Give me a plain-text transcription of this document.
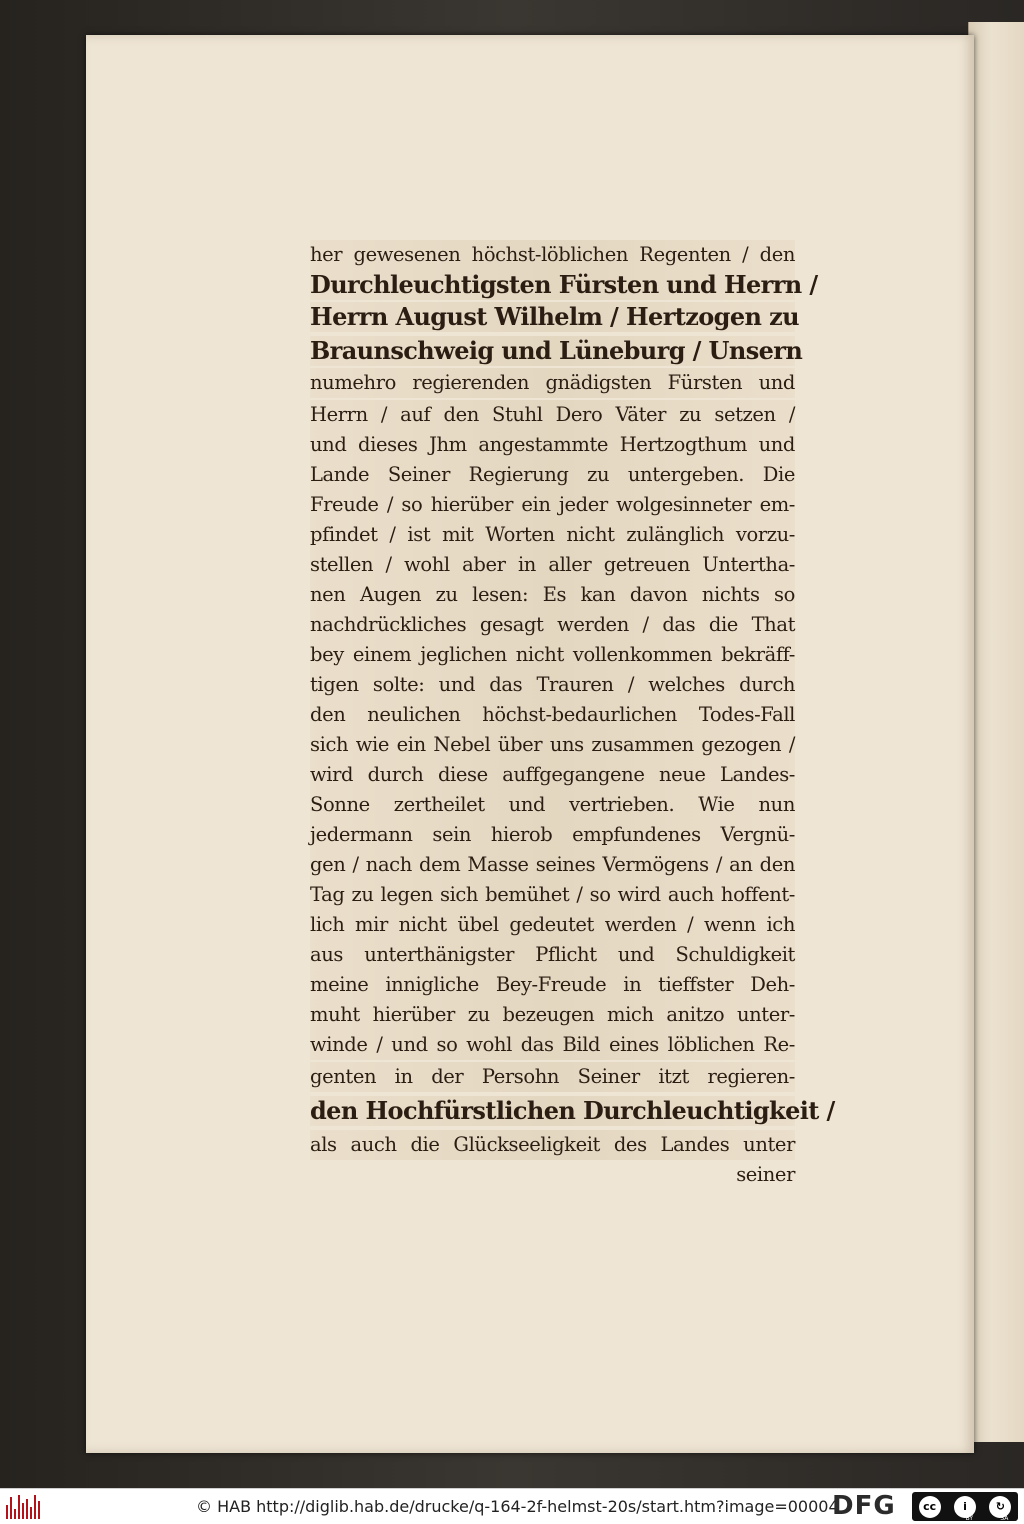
her gewesenen höchst-löblichen Regenten / den
Durchleuchtigsten Fürsten und Herrn /
Herrn August Wilhelm / Hertzogen zu
Braunschweig und Lüneburg / Unsern
numehro regierenden gnädigsten Fürsten und
Herrn / auf den Stuhl Dero Väter zu setzen /
und dieses Jhm angestammte Hertzogthum und
Lande Seiner Regierung zu untergeben. Die
Freude / so hierüber ein jeder wolgesinneter em-
pfindet / ist mit Worten nicht zulänglich vorzu-
stellen / wohl aber in aller getreuen Untertha-
nen Augen zu lesen: Es kan davon nichts so
nachdrückliches gesagt werden / das die That
bey einem jeglichen nicht vollenkommen bekräff-
tigen solte: und das Trauren / welches durch
den neulichen höchst-bedaurlichen Todes-Fall
sich wie ein Nebel über uns zusammen gezogen /
wird durch diese auffgegangene neue Landes-
Sonne zertheilet und vertrieben. Wie nun
jedermann sein hierob empfundenes Vergnü-
gen / nach dem Masse seines Vermögens / an den
Tag zu legen sich bemühet / so wird auch hoffent-
lich mir nicht übel gedeutet werden / wenn ich
aus unterthänigster Pflicht und Schuldigkeit
meine innigliche Bey-Freude in tieffster Deh-
muht hierüber zu bezeugen mich anitzo unter-
winde / und so wohl das Bild eines löblichen Re-
genten in der Persohn Seiner itzt regieren-
den Hochfürstlichen Durchleuchtigkeit /
als auch die Glückseeligkeit des Landes unter
seiner
© HAB http://diglib.hab.de/drucke/q-164-2f-helmst-20s/start.htm?image=00004
DFG	cc	i	↻
BY	SA
